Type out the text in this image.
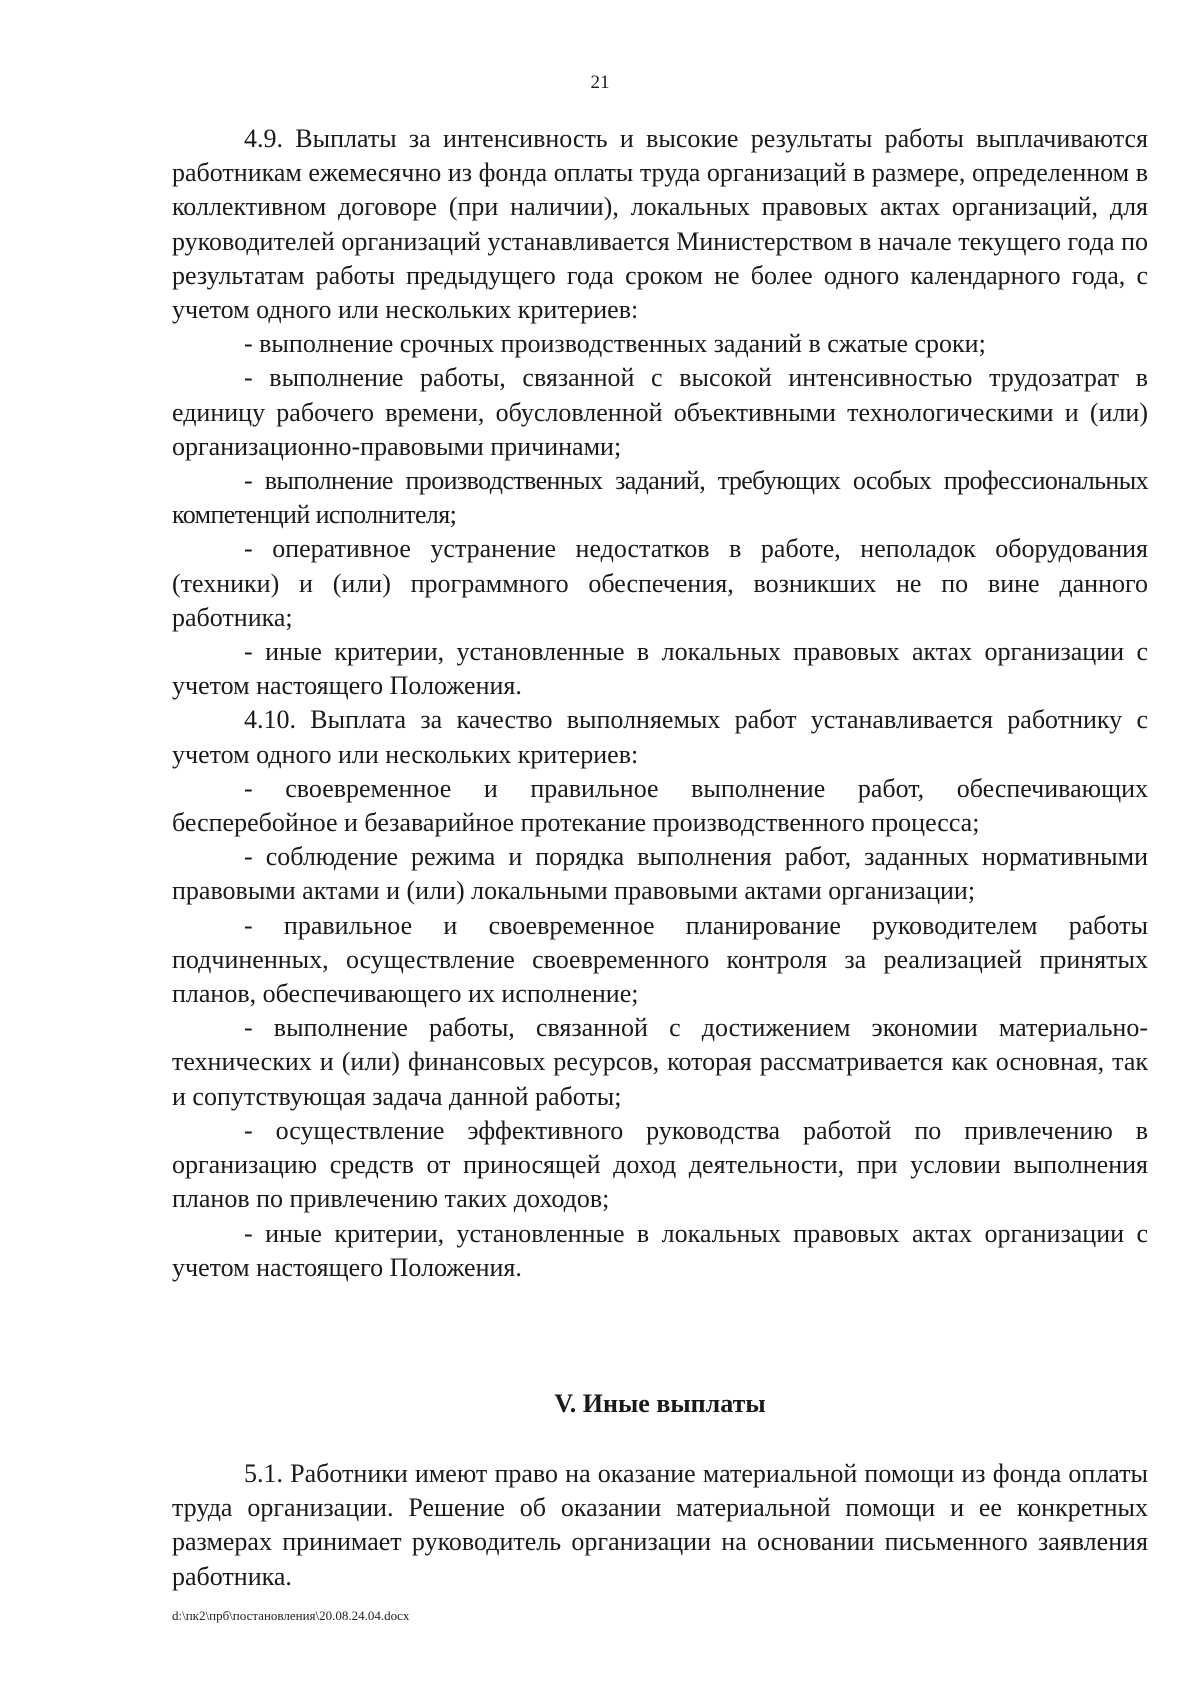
21

4.9. Выплаты за интенсивность и высокие результаты работы выплачиваются работникам ежемесячно из фонда оплаты труда организаций в размере, определенном в коллективном договоре (при наличии), локальных правовых актах организаций, для руководителей организаций устанавливается Министерством в начале текущего года по результатам работы предыдущего года сроком не более одного календарного года, с учетом одного или нескольких критериев:

- выполнение срочных производственных заданий в сжатые сроки;

- выполнение работы, связанной с высокой интенсивностью трудозатрат в единицу рабочего времени, обусловленной объективными технологическими и (или) организационно-правовыми причинами;

- выполнение производственных заданий, требующих особых профессиональных компетенций исполнителя;

- оперативное устранение недостатков в работе, неполадок оборудования (техники) и (или) программного обеспечения, возникших не по вине данного работника;

- иные критерии, установленные в локальных правовых актах организации с учетом настоящего Положения.

4.10. Выплата за качество выполняемых работ устанавливается работнику с учетом одного или нескольких критериев:

- своевременное и правильное выполнение работ, обеспечивающих бесперебойное и безаварийное протекание производственного процесса;

- соблюдение режима и порядка выполнения работ, заданных нормативными правовыми актами и (или) локальными правовыми актами организации;

- правильное и своевременное планирование руководителем работы подчиненных, осуществление своевременного контроля за реализацией принятых планов, обеспечивающего их исполнение;

- выполнение работы, связанной с достижением экономии материально-технических и (или) финансовых ресурсов, которая рассматривается как основная, так и сопутствующая задача данной работы;

- осуществление эффективного руководства работой по привлечению в организацию средств от приносящей доход деятельности, при условии выполнения планов по привлечению таких доходов;

- иные критерии, установленные в локальных правовых актах организации с учетом настоящего Положения.

V. Иные выплаты

5.1. Работники имеют право на оказание материальной помощи из фонда оплаты труда организации. Решение об оказании материальной помощи и ее конкретных размерах принимает руководитель организации на основании письменного заявления работника.

d:\пк2\прб\постановления\20.08.24.04.docx
